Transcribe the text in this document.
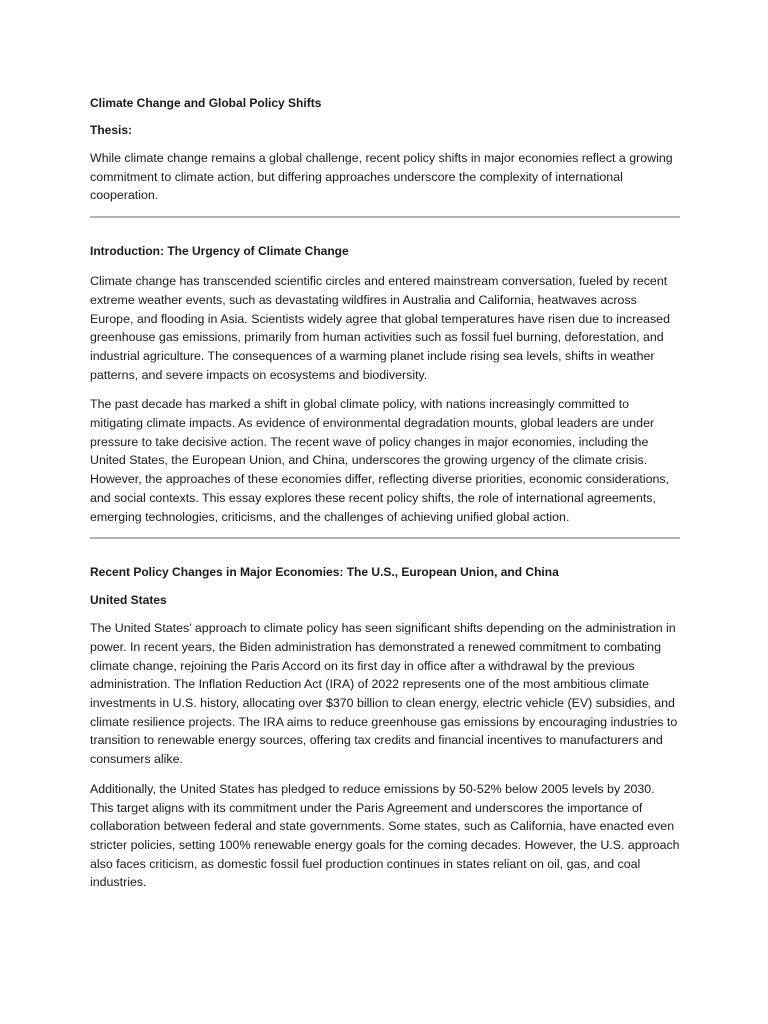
Climate Change and Global Policy Shifts
Thesis:
While climate change remains a global challenge, recent policy shifts in major economies reflect a growing commitment to climate action, but differing approaches underscore the complexity of international cooperation.
Introduction: The Urgency of Climate Change
Climate change has transcended scientific circles and entered mainstream conversation, fueled by recent extreme weather events, such as devastating wildfires in Australia and California, heatwaves across Europe, and flooding in Asia. Scientists widely agree that global temperatures have risen due to increased greenhouse gas emissions, primarily from human activities such as fossil fuel burning, deforestation, and industrial agriculture. The consequences of a warming planet include rising sea levels, shifts in weather patterns, and severe impacts on ecosystems and biodiversity.
The past decade has marked a shift in global climate policy, with nations increasingly committed to mitigating climate impacts. As evidence of environmental degradation mounts, global leaders are under pressure to take decisive action. The recent wave of policy changes in major economies, including the United States, the European Union, and China, underscores the growing urgency of the climate crisis. However, the approaches of these economies differ, reflecting diverse priorities, economic considerations, and social contexts. This essay explores these recent policy shifts, the role of international agreements, emerging technologies, criticisms, and the challenges of achieving unified global action.
Recent Policy Changes in Major Economies: The U.S., European Union, and China
United States
The United States’ approach to climate policy has seen significant shifts depending on the administration in power. In recent years, the Biden administration has demonstrated a renewed commitment to combating climate change, rejoining the Paris Accord on its first day in office after a withdrawal by the previous administration. The Inflation Reduction Act (IRA) of 2022 represents one of the most ambitious climate investments in U.S. history, allocating over $370 billion to clean energy, electric vehicle (EV) subsidies, and climate resilience projects. The IRA aims to reduce greenhouse gas emissions by encouraging industries to transition to renewable energy sources, offering tax credits and financial incentives to manufacturers and consumers alike.
Additionally, the United States has pledged to reduce emissions by 50-52% below 2005 levels by 2030. This target aligns with its commitment under the Paris Agreement and underscores the importance of collaboration between federal and state governments. Some states, such as California, have enacted even stricter policies, setting 100% renewable energy goals for the coming decades. However, the U.S. approach also faces criticism, as domestic fossil fuel production continues in states reliant on oil, gas, and coal industries.
